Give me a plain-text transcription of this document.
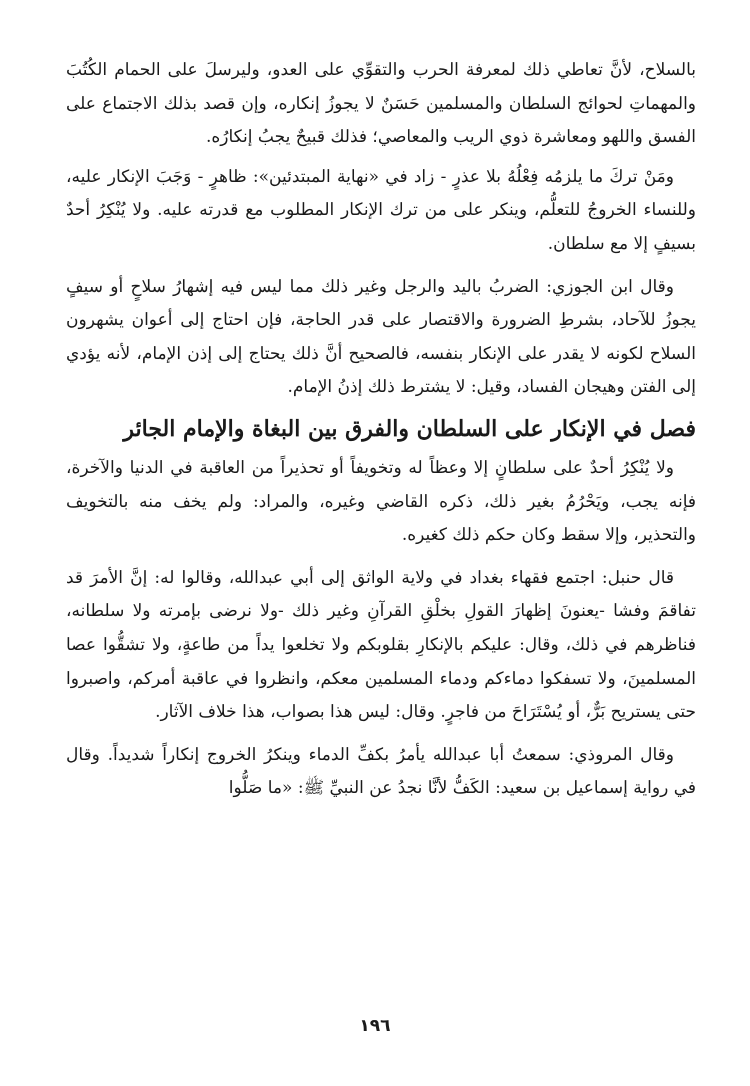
بالسلاح، لأنَّ تعاطي ذلك لمعرفة الحرب والتقوِّي على العدو، وليرسلَ على الحمام الكُتُبَ والمهماتِ لحوائج السلطان والمسلمين حَسَنٌ لا يجوزُ إنكاره، وإن قصد بذلك الاجتماع على الفسق واللهو ومعاشرة ذوي الريب والمعاصي؛ فذلك قبيحٌ يجبُ إنكارُه.

ومَنْ تركَ ما يلزمُه فِعْلُهُ بلا عذرٍ - زاد في «نهاية المبتدئين»: ظاهرٍ - وَجَبَ الإنكار عليه، وللنساء الخروجُ للتعلُّم، وينكر على من ترك الإنكار المطلوب مع قدرته عليه. ولا يُنْكِرُ أحدٌ بسيفٍ إلا مع سلطان.

وقال ابن الجوزي: الضربُ باليد والرجل وغير ذلك مما ليس فيه إشهارُ سلاحٍ أو سيفٍ يجوزُ للآحاد، بشرطِ الضرورة والاقتصار على قدر الحاجة، فإن احتاج إلى أعوان يشهرون السلاح لكونه لا يقدر على الإنكار بنفسه، فالصحيح أنَّ ذلك يحتاج إلى إذن الإمام، لأنه يؤدي إلى الفتن وهيجان الفساد، وقيل: لا يشترط ذلك إذنُ الإمام.

فصل في الإنكار على السلطان والفرق بين البغاة والإمام الجائر

ولا يُنْكِرُ أحدٌ على سلطانٍ إلا وعظاً له وتخويفاً أو تحذيراً من العاقبة في الدنيا والآخرة، فإنه يجب، ويَحْرُمُ بغير ذلك، ذكره القاضي وغيره، والمراد: ولم يخف منه بالتخويف والتحذير، وإلا سقط وكان حكم ذلك كغيره.

قال حنبل: اجتمع فقهاء بغداد في ولاية الواثق إلى أبي عبدالله، وقالوا له: إنَّ الأمرَ قد تفاقمَ وفشا -يعنونَ إظهارَ القولِ بخلْقِ القرآنِ وغير ذلك -ولا نرضى بإمرته ولا سلطانه، فناظرهم في ذلك، وقال: عليكم بالإنكارِ بقلوبكم ولا تخلعوا يداً من طاعةٍ، ولا تشقُّوا عصا المسلمينَ، ولا تسفكوا دماءكم ودماء المسلمين معكم، وانظروا في عاقبة أمركم، واصبروا حتى يستريح بَرٌّ، أو يُسْتَرَاحَ من فاجرٍ. وقال: ليس هذا بصواب، هذا خلاف الآثار.

وقال المروذي: سمعتُ أبا عبدالله يأمرُ بكفِّ الدماء وينكرُ الخروج إنكاراً شديداً. وقال في رواية إسماعيل بن سعيد: الكَفُّ لأنَّا نجدُ عن النبيِّ ﷺ: «ما صَلُّوا

١٩٦
